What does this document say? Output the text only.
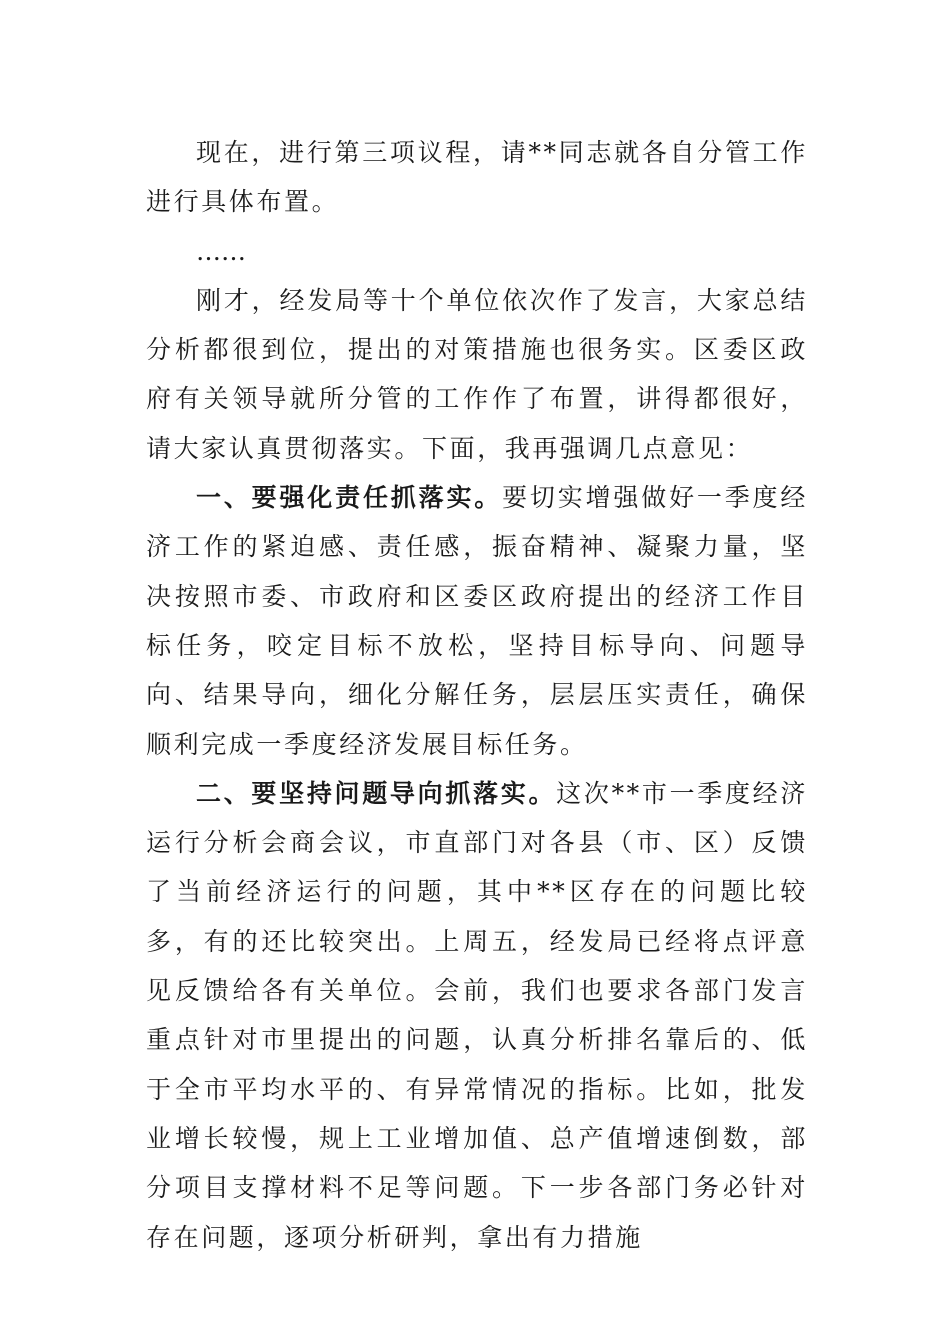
现在，进行第三项议程，请**同志就各自分管工作进行具体布置。

……

刚才，经发局等十个单位依次作了发言，大家总结分析都很到位，提出的对策措施也很务实。区委区政府有关领导就所分管的工作作了布置，讲得都很好，请大家认真贯彻落实。下面，我再强调几点意见：

一、要强化责任抓落实。要切实增强做好一季度经济工作的紧迫感、责任感，振奋精神、凝聚力量，坚决按照市委、市政府和区委区政府提出的经济工作目标任务，咬定目标不放松，坚持目标导向、问题导向、结果导向，细化分解任务，层层压实责任，确保顺利完成一季度经济发展目标任务。

二、要坚持问题导向抓落实。这次**市一季度经济运行分析会商会议，市直部门对各县（市、区）反馈了当前经济运行的问题，其中**区存在的问题比较多，有的还比较突出。上周五，经发局已经将点评意见反馈给各有关单位。会前，我们也要求各部门发言重点针对市里提出的问题，认真分析排名靠后的、低于全市平均水平的、有异常情况的指标。比如，批发业增长较慢，规上工业增加值、总产值增速倒数，部分项目支撑材料不足等问题。下一步各部门务必针对存在问题，逐项分析研判，拿出有力措施
